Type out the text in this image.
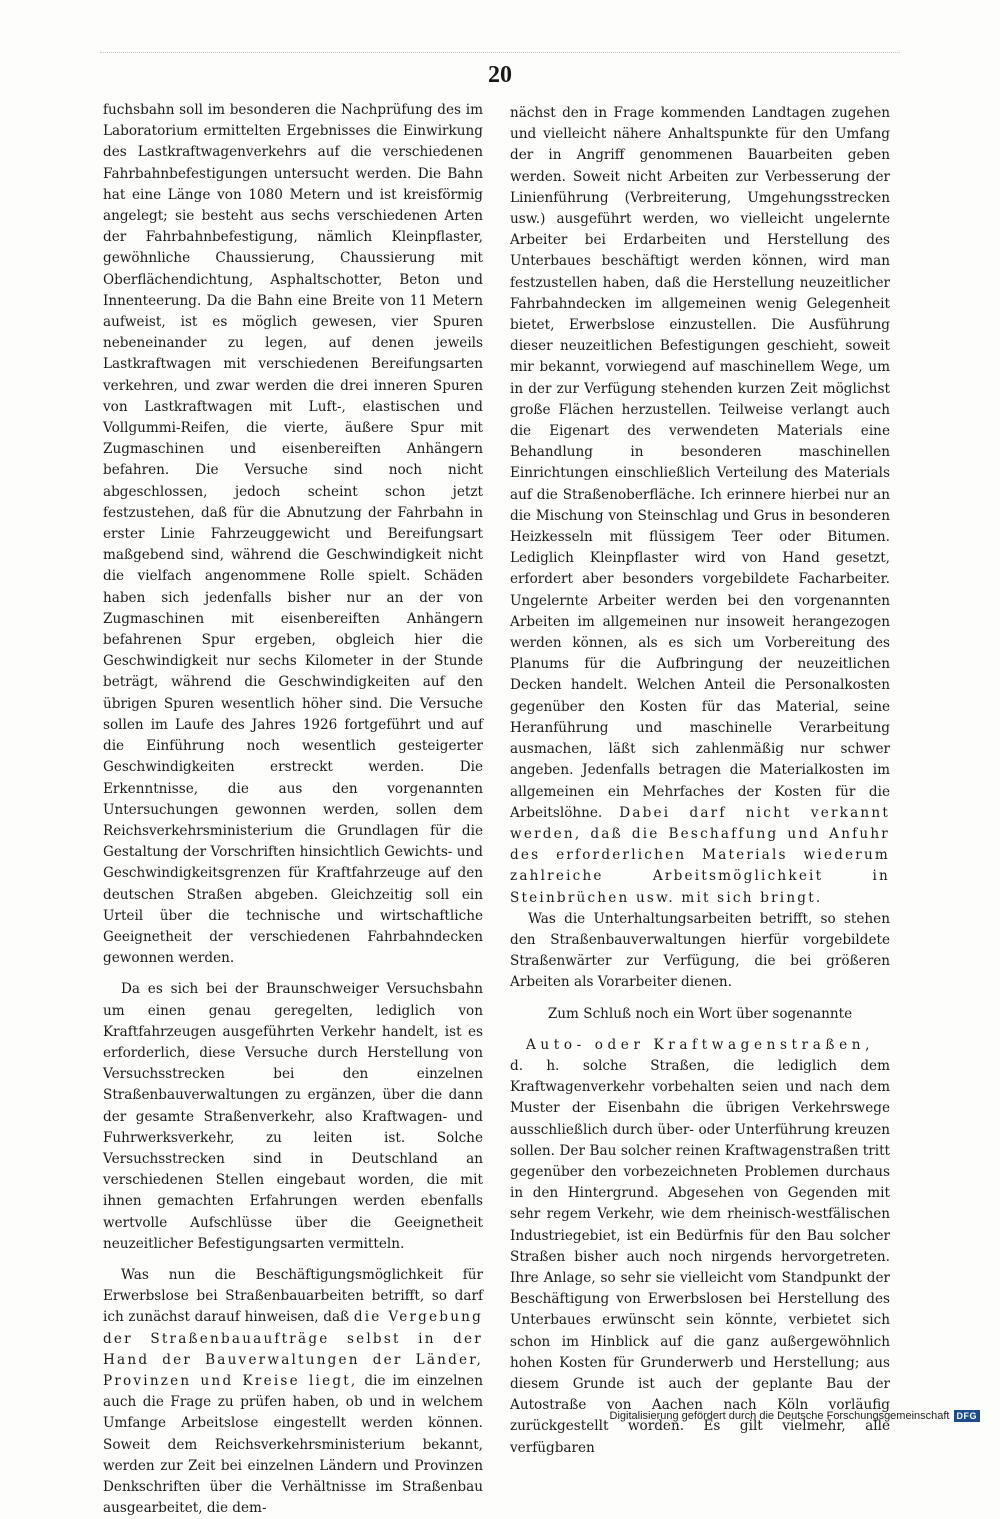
20

fuchsbahn soll im besonderen die Nachprüfung des im Laboratorium ermittelten Ergebnisses die Einwirkung des Lastkraftwagenverkehrs auf die verschiedenen Fahrbahnbefestigungen untersucht werden. Die Bahn hat eine Länge von 1080 Metern und ist kreisförmig angelegt; sie besteht aus sechs verschiedenen Arten der Fahrbahnbefestigung, nämlich Kleinpflaster, gewöhnliche Chaussierung, Chaussierung mit Oberflächendichtung, Asphaltschotter, Beton und Innenteerung. Da die Bahn eine Breite von 11 Metern aufweist, ist es möglich gewesen, vier Spuren nebeneinander zu legen, auf denen jeweils Lastkraftwagen mit verschiedenen Bereifungsarten verkehren, und zwar werden die drei inneren Spuren von Lastkraftwagen mit Luft-, elastischen und Vollgummi-Reifen, die vierte, äußere Spur mit Zugmaschinen und eisenbereiften Anhängern befahren. Die Versuche sind noch nicht abgeschlossen, jedoch scheint schon jetzt festzustehen, daß für die Abnutzung der Fahrbahn in erster Linie Fahrzeuggewicht und Bereifungsart maßgebend sind, während die Geschwindigkeit nicht die vielfach angenommene Rolle spielt. Schäden haben sich jedenfalls bisher nur an der von Zugmaschinen mit eisenbereiften Anhängern befahrenen Spur ergeben, obgleich hier die Geschwindigkeit nur sechs Kilometer in der Stunde beträgt, während die Geschwindigkeiten auf den übrigen Spuren wesentlich höher sind. Die Versuche sollen im Laufe des Jahres 1926 fortgeführt und auf die Einführung noch wesentlich gesteigerter Geschwindigkeiten erstreckt werden. Die Erkenntnisse, die aus den vorgenannten Untersuchungen gewonnen werden, sollen dem Reichsverkehrsministerium die Grundlagen für die Gestaltung der Vorschriften hinsichtlich Gewichts- und Geschwindigkeitsgrenzen für Kraftfahrzeuge auf den deutschen Straßen abgeben. Gleichzeitig soll ein Urteil über die technische und wirtschaftliche Geeignetheit der verschiedenen Fahrbahndecken gewonnen werden.

Da es sich bei der Braunschweiger Versuchsbahn um einen genau geregelten, lediglich von Kraftfahrzeugen ausgeführten Verkehr handelt, ist es erforderlich, diese Versuche durch Herstellung von Versuchsstrecken bei den einzelnen Straßenbauverwaltungen zu ergänzen, über die dann der gesamte Straßenverkehr, also Kraftwagen- und Fuhrwerksverkehr, zu leiten ist. Solche Versuchsstrecken sind in Deutschland an verschiedenen Stellen eingebaut worden, die mit ihnen gemachten Erfahrungen werden ebenfalls wertvolle Aufschlüsse über die Geeignetheit neuzeitlicher Befestigungsarten vermitteln.

Was nun die Beschäftigungsmöglichkeit für Erwerbslose bei Straßenbauarbeiten betrifft, so darf ich zunächst darauf hinweisen, daß die Vergebung der Straßenbauaufträge selbst in der Hand der Bauverwaltungen der Länder, Provinzen und Kreise liegt, die im einzelnen auch die Frage zu prüfen haben, ob und in welchem Umfange Arbeitslose eingestellt werden können. Soweit dem Reichsverkehrsministerium bekannt, werden zur Zeit bei einzelnen Ländern und Provinzen Denkschriften über die Verhältnisse im Straßenbau ausgearbeitet, die dem-

nächst den in Frage kommenden Landtagen zugehen und vielleicht nähere Anhaltspunkte für den Umfang der in Angriff genommenen Bauarbeiten geben werden. Soweit nicht Arbeiten zur Verbesserung der Linienführung (Verbreiterung, Umgehungsstrecken usw.) ausgeführt werden, wo vielleicht ungelernte Arbeiter bei Erdarbeiten und Herstellung des Unterbaues beschäftigt werden können, wird man festzustellen haben, daß die Herstellung neuzeitlicher Fahrbahndecken im allgemeinen wenig Gelegenheit bietet, Erwerbslose einzustellen. Die Ausführung dieser neuzeitlichen Befestigungen geschieht, soweit mir bekannt, vorwiegend auf maschinellem Wege, um in der zur Verfügung stehenden kurzen Zeit möglichst große Flächen herzustellen. Teilweise verlangt auch die Eigenart des verwendeten Materials eine Behandlung in besonderen maschinellen Einrichtungen einschließlich Verteilung des Materials auf die Straßenoberfläche. Ich erinnere hierbei nur an die Mischung von Steinschlag und Grus in besonderen Heizkesseln mit flüssigem Teer oder Bitumen. Lediglich Kleinpflaster wird von Hand gesetzt, erfordert aber besonders vorgebildete Facharbeiter. Ungelernte Arbeiter werden bei den vorgenannten Arbeiten im allgemeinen nur insoweit herangezogen werden können, als es sich um Vorbereitung des Planums für die Aufbringung der neuzeitlichen Decken handelt. Welchen Anteil die Personalkosten gegenüber den Kosten für das Material, seine Heranführung und maschinelle Verarbeitung ausmachen, läßt sich zahlenmäßig nur schwer angeben. Jedenfalls betragen die Materialkosten im allgemeinen ein Mehrfaches der Kosten für die Arbeitslöhne. Dabei darf nicht verkannt werden, daß die Beschaffung und Anfuhr des erforderlichen Materials wiederum zahlreiche Arbeitsmöglichkeit in Steinbrüchen usw. mit sich bringt.

Was die Unterhaltungsarbeiten betrifft, so stehen den Straßenbauverwaltungen hierfür vorgebildete Straßenwärter zur Verfügung, die bei größeren Arbeiten als Vorarbeiter dienen.

Zum Schluß noch ein Wort über sogenannte

Auto- oder Kraftwagenstraßen,

d. h. solche Straßen, die lediglich dem Kraftwagenverkehr vorbehalten seien und nach dem Muster der Eisenbahn die übrigen Verkehrswege ausschließlich durch über- oder Unterführung kreuzen sollen. Der Bau solcher reinen Kraftwagenstraßen tritt gegenüber den vorbezeichneten Problemen durchaus in den Hintergrund. Abgesehen von Gegenden mit sehr regem Verkehr, wie dem rheinisch-westfälischen Industriegebiet, ist ein Bedürfnis für den Bau solcher Straßen bisher auch noch nirgends hervorgetreten. Ihre Anlage, so sehr sie vielleicht vom Standpunkt der Beschäftigung von Erwerbslosen bei Herstellung des Unterbaues erwünscht sein könnte, verbietet sich schon im Hinblick auf die ganz außergewöhnlich hohen Kosten für Grunderwerb und Herstellung; aus diesem Grunde ist auch der geplante Bau der Autostraße von Aachen nach Köln vorläufig zurückgestellt worden. Es gilt vielmehr, alle verfügbaren

Digitalisierung gefördert durch die Deutsche Forschungsgemeinschaft DFG
